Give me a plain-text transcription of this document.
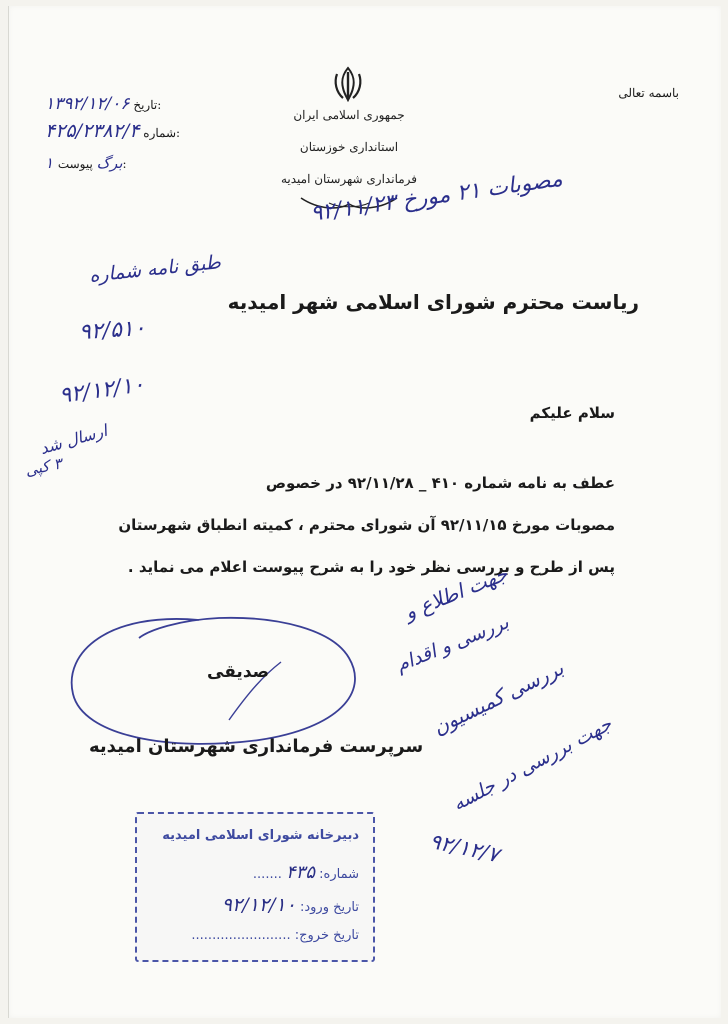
جمهوری اسلامی ایران
استانداری خوزستان
فرمانداری شهرستان امیدیه
باسمه تعالی
۱۳۹۲/۱۲/۰۶ تاریخ:
۴۲۵/۲۳۸۲/۴ شماره:
۱ برگ پیوست:
مصوبات ۲۱ مورخ ۹۲/۱۱/۲۳
طبق نامه شماره
۹۲/۵۱۰
۹۲/۱۲/۱۰
ارسال شد
۳ کپی
ریاست محترم شورای اسلامی شهر امیدیه
سلام علیکم
عطف به نامه شماره ۴۱۰ _ ۹۲/۱۱/۲۸ در خصوص
مصوبات مورخ ۹۲/۱۱/۱۵ آن شورای محترم ، کمیته انطباق شهرستان
پس از طرح و بررسی نظر خود را به شرح پیوست اعلام می نماید .
صدیقی
سرپرست فرمانداری شهرستان امیدیه
جهت اطلاع و
بررسی و اقدام
بررسی کمیسیون
جهت بررسی در جلسه
۹۲/۱۲/۷
دبیرخانه شورای اسلامی امیدیه
شماره: ۴۳۵ .......
تاریخ ورود: ۹۲/۱۲/۱۰
تاریخ خروج: ........................
